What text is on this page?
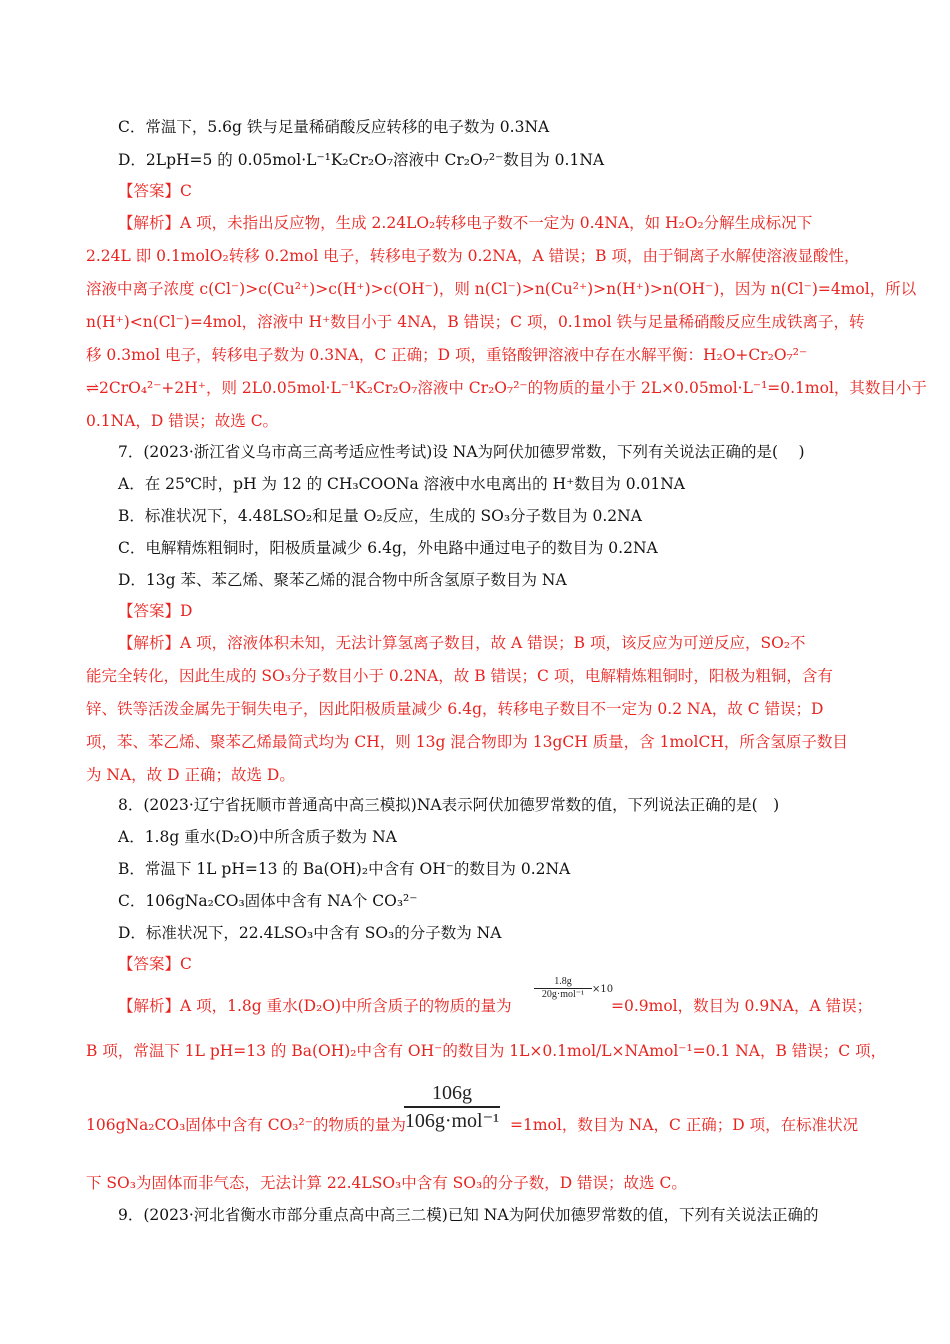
C．常温下，5.6g 铁与足量稀硝酸反应转移的电子数为 0.3NA
D．2LpH=5 的 0.05mol·L⁻¹K₂Cr₂O₇溶液中 Cr₂O₇²⁻数目为 0.1NA
【答案】C
【解析】A 项，未指出反应物，生成 2.24LO₂转移电子数不一定为 0.4NA，如 H₂O₂分解生成标况下
2.24L 即 0.1molO₂转移 0.2mol 电子，转移电子数为 0.2NA，A 错误；B 项，由于铜离子水解使溶液显酸性，
溶液中离子浓度 c(Cl⁻)>c(Cu²⁺)>c(H⁺)>c(OH⁻)，则 n(Cl⁻)>n(Cu²⁺)>n(H⁺)>n(OH⁻)，因为 n(Cl⁻)=4mol，所以
n(H⁺)<n(Cl⁻)=4mol，溶液中 H⁺数目小于 4NA，B 错误；C 项，0.1mol 铁与足量稀硝酸反应生成铁离子，转
移 0.3mol 电子，转移电子数为 0.3NA，C 正确；D 项，重铬酸钾溶液中存在水解平衡：H₂O+Cr₂O₇²⁻
⇌2CrO₄²⁻+2H⁺，则 2L0.05mol·L⁻¹K₂Cr₂O₇溶液中 Cr₂O₇²⁻的物质的量小于 2L×0.05mol·L⁻¹=0.1mol，其数目小于
0.1NA，D 错误；故选 C。
7．(2023·浙江省义乌市高三高考适应性考试)设 NA为阿伏加德罗常数，下列有关说法正确的是(　 )
A．在 25℃时，pH 为 12 的 CH₃COONa 溶液中水电离出的 H⁺数目为 0.01NA
B．标准状况下，4.48LSO₂和足量 O₂反应，生成的 SO₃分子数目为 0.2NA
C．电解精炼粗铜时，阳极质量减少 6.4g，外电路中通过电子的数目为 0.2NA
D．13g 苯、苯乙烯、聚苯乙烯的混合物中所含氢原子数目为 NA
【答案】D
【解析】A 项，溶液体积未知，无法计算氢离子数目，故 A 错误；B 项，该反应为可逆反应，SO₂不
能完全转化，因此生成的 SO₃分子数目小于 0.2NA，故 B 错误；C 项，电解精炼粗铜时，阳极为粗铜，含有
锌、铁等活泼金属先于铜失电子，因此阳极质量减少 6.4g，转移电子数目不一定为 0.2 NA，故 C 错误；D
项，苯、苯乙烯、聚苯乙烯最简式均为 CH，则 13g 混合物即为 13gCH 质量，含 1molCH，所含氢原子数目
为 NA，故 D 正确；故选 D。
8．(2023·辽宁省抚顺市普通高中高三模拟)NA表示阿伏加德罗常数的值，下列说法正确的是(　)
A．1.8g 重水(D₂O)中所含质子数为 NA
B．常温下 1L pH=13 的 Ba(OH)₂中含有 OH⁻的数目为 0.2NA
C．106gNa₂CO₃固体中含有 NA个 CO₃²⁻
D．标准状况下，22.4LSO₃中含有 SO₃的分子数为 NA
【答案】C
【解析】A 项，1.8g 重水(D₂O)中所含质子的物质的量为
1.8g
20g·mol⁻¹ ×10
=0.9mol，数目为 0.9NA，A 错误；
B 项，常温下 1L pH=13 的 Ba(OH)₂中含有 OH⁻的数目为 1L×0.1mol/L×NAmol⁻¹=0.1 NA，B 错误；C 项，
106gNa₂CO₃固体中含有 CO₃²⁻的物质的量为
106g
106g·mol⁻¹ =1mol，数目为 NA，C 正确；D 项，在标准状况
下 SO₃为固体而非气态，无法计算 22.4LSO₃中含有 SO₃的分子数，D 错误；故选 C。
9．(2023·河北省衡水市部分重点高中高三二模)已知 NA为阿伏加德罗常数的值，下列有关说法正确的
